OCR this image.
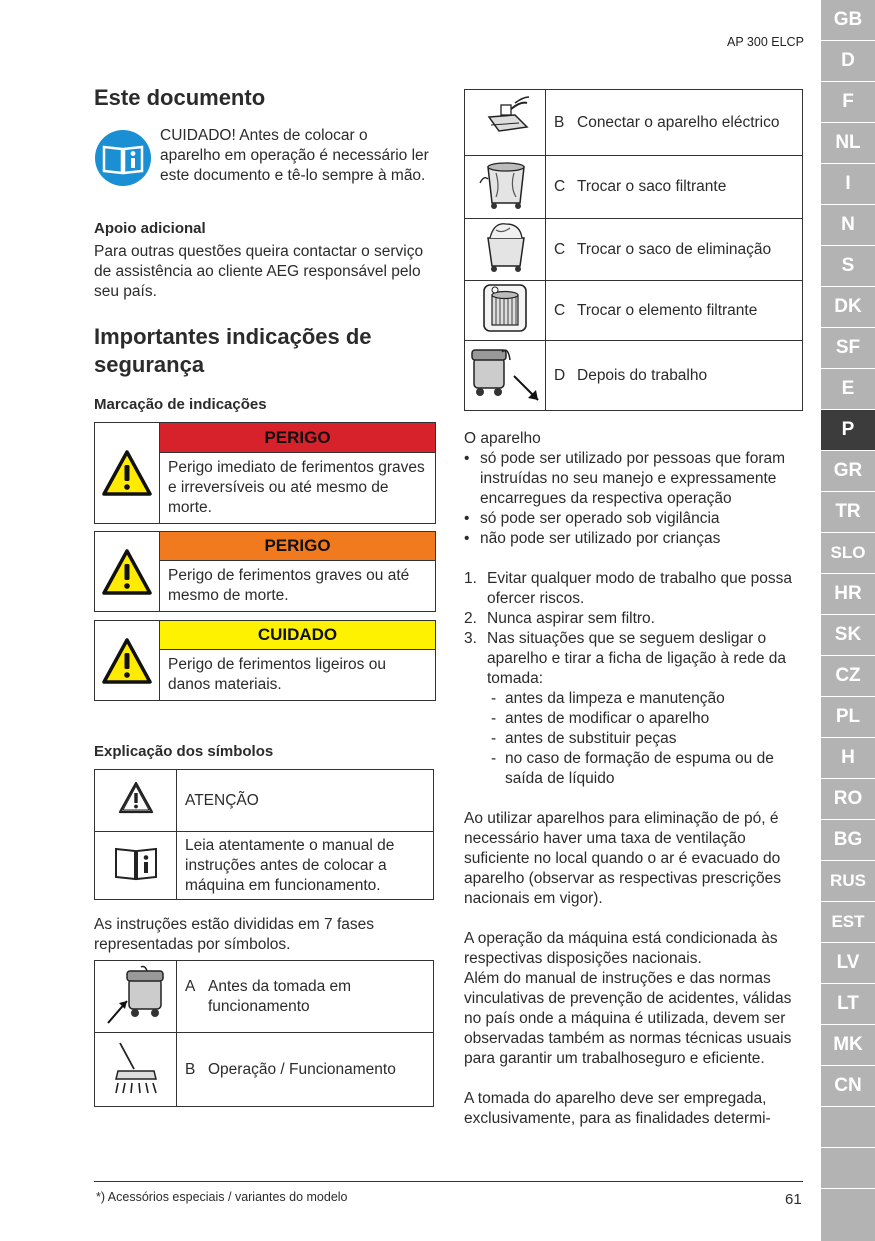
AP 300 ELCP
GB
D
F
NL
I
N
S
DK
SF
E
P
GR
TR
SLO
HR
SK
CZ
PL
H
RO
BG
RUS
EST
LV
LT
MK
CN
Este documento
CUIDADO! Antes de colocar o aparelho em operação é necessário ler este documento e tê-lo sempre à mão.
Apoio adicional
Para outras questões queira contactar o serviço de assistência ao cliente AEG responsável pelo seu país.
Importantes indicações de segurança
Marcação de indicações
PERIGO
Perigo imediato de ferimentos graves e irreversíveis ou até mesmo de morte.
PERIGO
Perigo de ferimentos graves ou até mesmo de morte.
CUIDADO
Perigo de ferimentos ligeiros ou danos materiais.
Explicação dos símbolos
	ATENÇÃO
	Leia atentamente o manual de instruções antes de colocar a máquina em funcionamento.
As instruções estão divididas em 7 fases representadas por símbolos.

A Antes da tomada em funcionamento

B Operação / Funcionamento

B Conectar o aparelho eléctrico

C Trocar o saco filtrante

C Trocar o saco de eliminação

C Trocar o elemento filtrante

D Depois do trabalho

O aparelho

• só pode ser utilizado por pessoas que foram instruídas no seu manejo e expressamente encarregues da respectiva operação
• só pode ser operado sob vigilância
• não pode ser utilizado por crianças
1. Evitar qualquer modo de trabalho que possa ofercer riscos.
2. Nunca aspirar sem filtro.
3. Nas situações que se seguem desligar o aparelho e tirar a ficha de ligação à rede da tomada:
- antes da limpeza e manutenção
- antes de modificar o aparelho
- antes de substituir peças
- no caso de formação de espuma ou de saída de líquido

Ao utilizar aparelhos para eliminação de pó, é necessário haver uma taxa de ventilação suficiente no local quando o ar é evacuado do aparelho (observar as respectivas prescrições nacionais em vigor).

A operação da máquina está condicionada às respectivas disposições nacionais.

Além do manual de instruções e das normas vinculativas de prevenção de acidentes, válidas no país onde a máquina é utilizada, devem ser observadas também as normas técnicas usuais para garantir um trabalhoseguro e eficiente.

A tomada do aparelho deve ser empregada, exclusivamente, para as finalidades determi-

*) Acessórios especiais / variantes do modelo	61
